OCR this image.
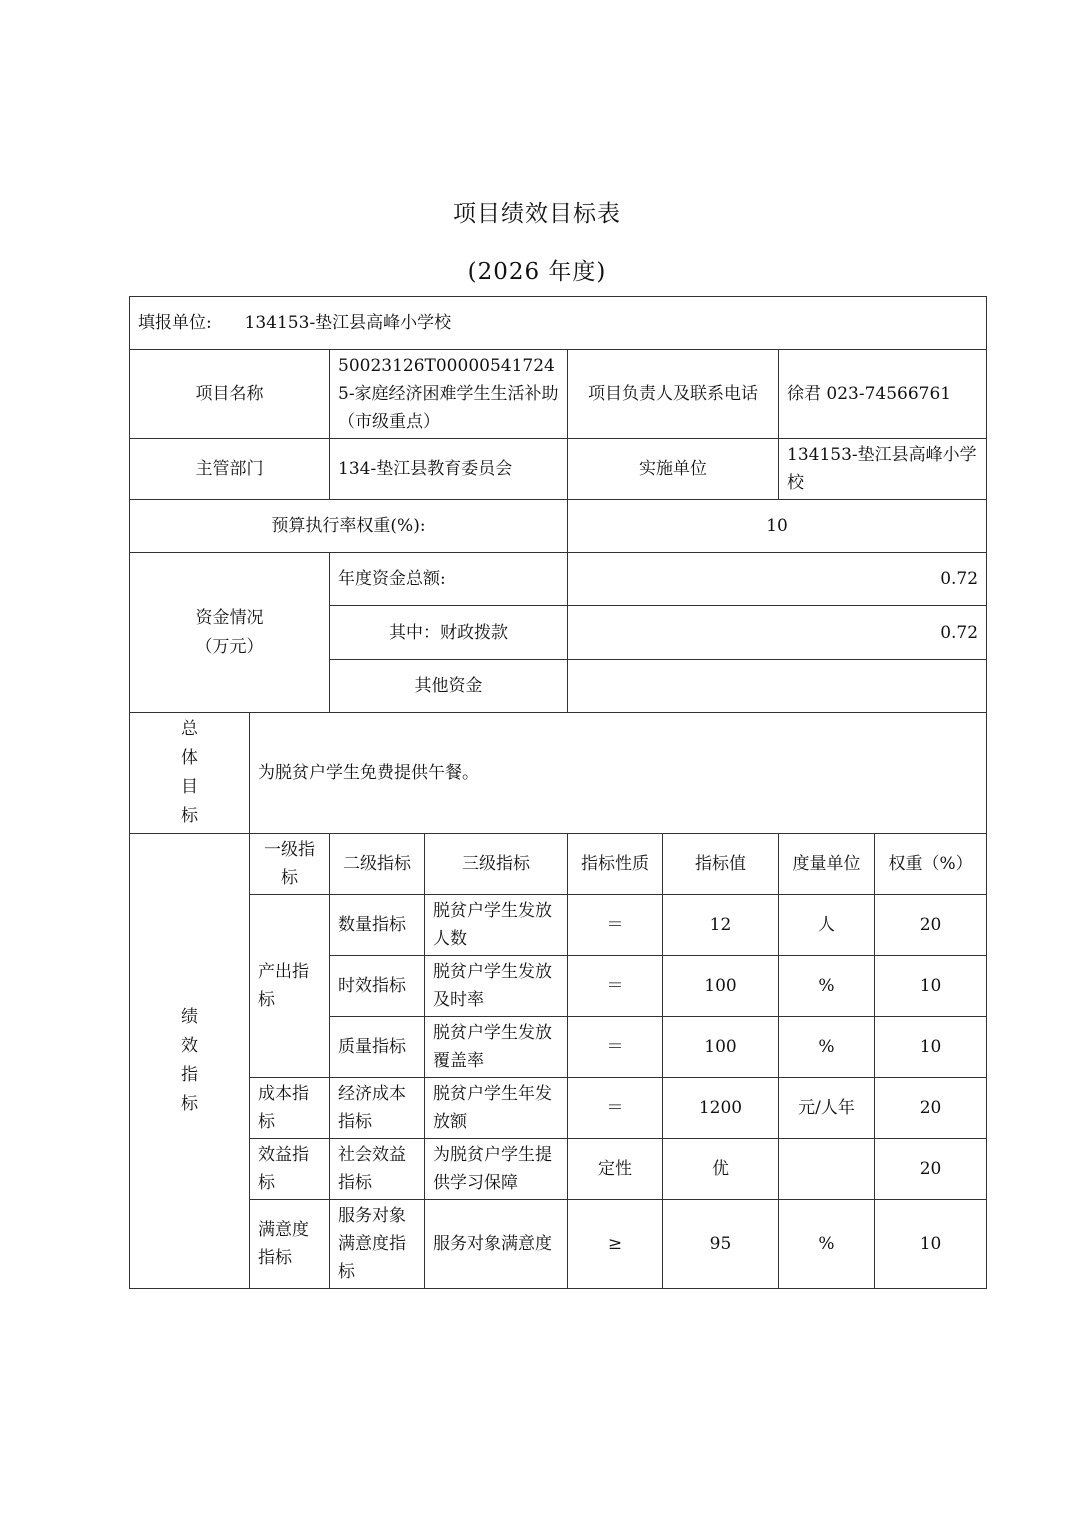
项目绩效目标表
(2026 年度)
填报单位: 134153-垫江县高峰小学校							
项目名称		50023126T000005417245-家庭经济困难学生生活补助（市级重点）		项目负责人及联系电话		徐君 023-74566761	
主管部门		134-垫江县教育委员会		实施单位		134153-垫江县高峰小学校	
预算执行率权重(%):				10			

资金情况（万元）		年度资金总额:		0.72			
		其中：财政拨款		0.72			
		其他资金					

总体目标	为脱贫户学生免费提供午餐。						

绩效指标	一级指标	二级指标	三级指标	指标性质	指标值	度量单位	权重（%）
	产出指标	数量指标	脱贫户学生发放人数	＝	12	人	20
		时效指标	脱贫户学生发放及时率	＝	100	%	10
		质量指标	脱贫户学生发放覆盖率	＝	100	%	10
	成本指标	经济成本指标	脱贫户学生年发放额	＝	1200	元/人年	20
	效益指标	社会效益指标	为脱贫户学生提供学习保障	定性	优		20
	满意度指标	服务对象满意度指标	服务对象满意度	≥	95	%	10
